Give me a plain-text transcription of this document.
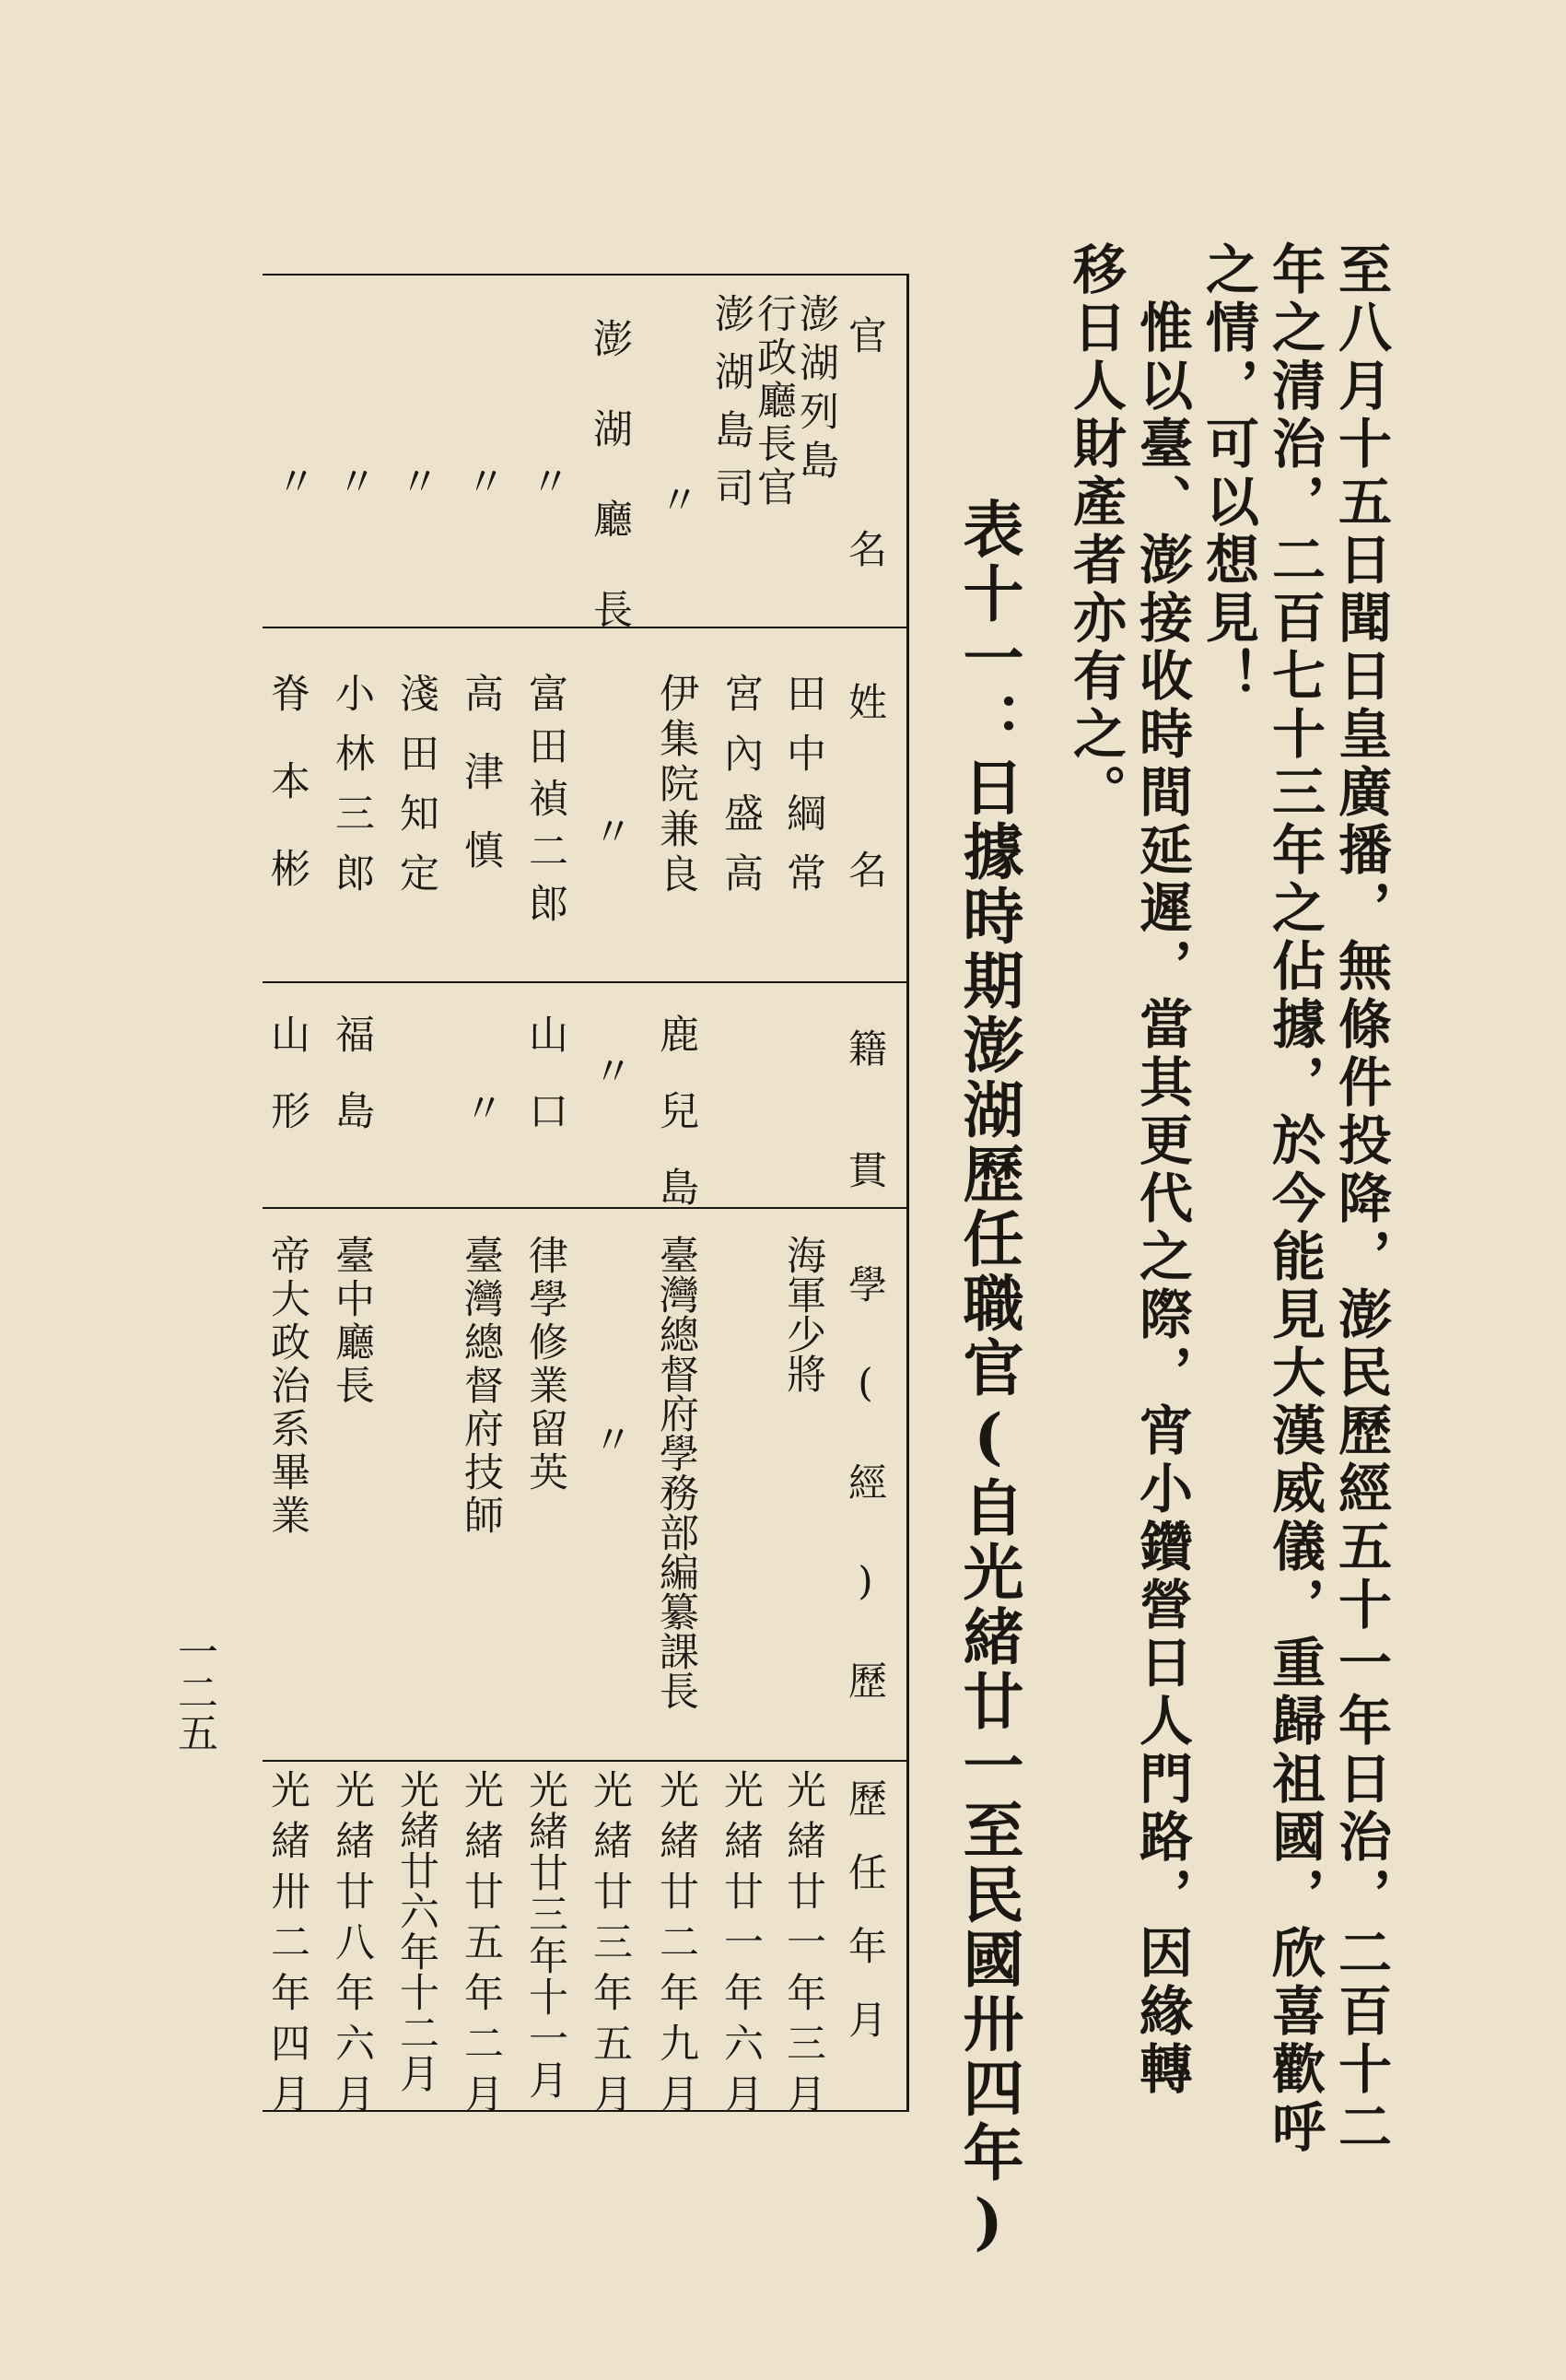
至八月十五日聞日皇廣播，無條件投降，澎民歷經五十一年日治，二百十二
年之清治，二百七十三年之佔據，於今能見大漢威儀，重歸祖國，欣喜歡呼
之情，可以想見！
惟以臺、澎接收時間延遲，當其更代之際，宵小鑽營日人門路，因緣轉
移日人財產者亦有之。
表十一：日據時期澎湖歷任職官(自光緒廿一至民國卅四年)
官名
姓名
籍貫
學(經)歷
歷任年月
澎湖列島
行政廳長官
田中綱常
海軍少將
光緒廿一年三月
澎湖島司
宮內盛高
光緒廿一年六月
〃
伊集院兼良
鹿兒島
臺灣總督府學務部編纂課長
光緒廿二年九月
澎湖廳長
〃
〃
〃
光緒廿三年五月
〃
富田禎二郎
山口
律學修業留英
光緒廿三年十一月
〃
高津慎
〃
臺灣總督府技師
光緒廿五年二月
〃
淺田知定
光緒廿六年十二月
〃
小林三郎
福島
臺中廳長
光緒廿八年六月
〃
脊本彬
山形
帝大政治系畢業
光緒卅二年四月
一二五
